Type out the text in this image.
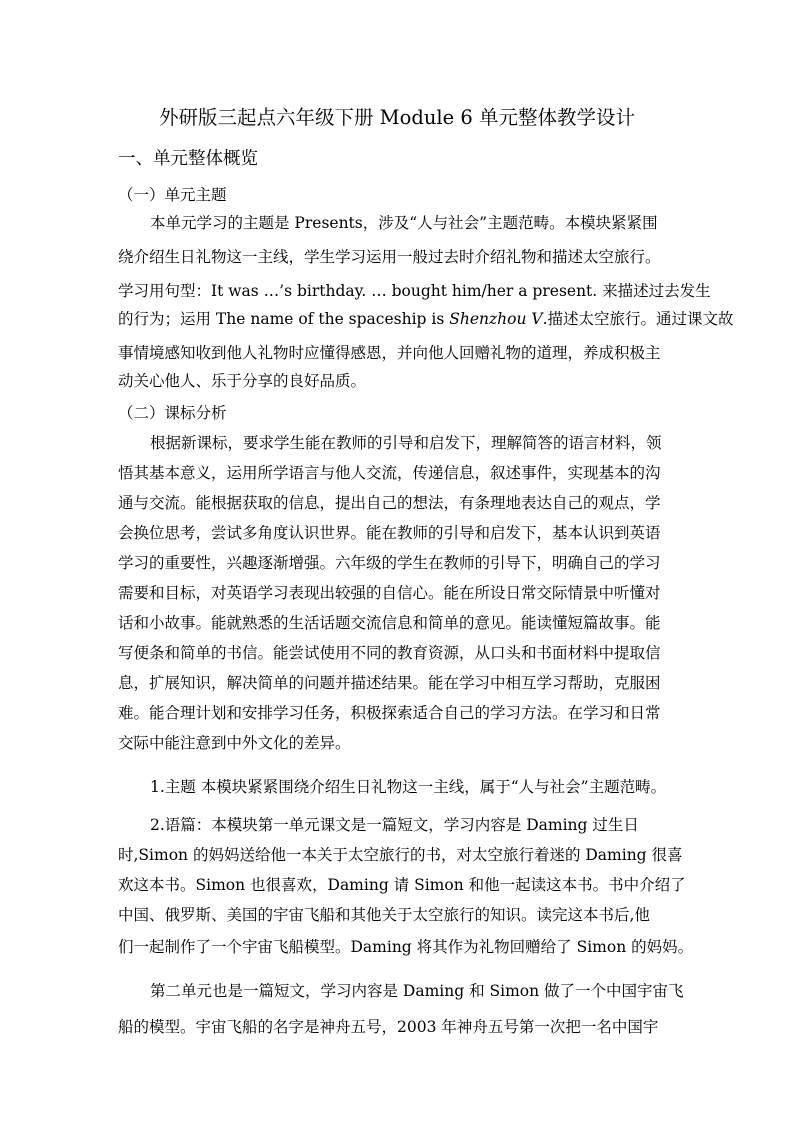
外研版三起点六年级下册 Module 6 单元整体教学设计
一、单元整体概览
（一）单元主题
本单元学习的主题是 Presents，涉及“人与社会”主题范畴。本模块紧紧围
绕介绍生日礼物这一主线，学生学习运用一般过去时介绍礼物和描述太空旅行。
学习用句型：It was …’s birthday. … bought him/her a present. 来描述过去发生
的行为；运用 The name of the spaceship is Shenzhou V.描述太空旅行。通过课文故
事情境感知收到他人礼物时应懂得感恩，并向他人回赠礼物的道理，养成积极主
动关心他人、乐于分享的良好品质。
（二）课标分析
根据新课标，要求学生能在教师的引导和启发下，理解简答的语言材料，领
悟其基本意义，运用所学语言与他人交流，传递信息，叙述事件，实现基本的沟
通与交流。能根据获取的信息，提出自己的想法，有条理地表达自己的观点，学
会换位思考，尝试多角度认识世界。能在教师的引导和启发下，基本认识到英语
学习的重要性，兴趣逐渐增强。六年级的学生在教师的引导下，明确自己的学习
需要和目标，对英语学习表现出较强的自信心。能在所设日常交际情景中听懂对
话和小故事。能就熟悉的生活话题交流信息和简单的意见。能读懂短篇故事。能
写便条和简单的书信。能尝试使用不同的教育资源，从口头和书面材料中提取信
息，扩展知识，解决简单的问题并描述结果。能在学习中相互学习帮助，克服困
难。能合理计划和安排学习任务，积极探索适合自己的学习方法。在学习和日常
交际中能注意到中外文化的差异。
1.主题 本模块紧紧围绕介绍生日礼物这一主线，属于“人与社会”主题范畴。
2.语篇：本模块第一单元课文是一篇短文，学习内容是 Daming 过生日
时,Simon 的妈妈送给他一本关于太空旅行的书，对太空旅行着迷的 Daming 很喜
欢这本书。Simon 也很喜欢，Daming 请 Simon 和他一起读这本书。书中介绍了
中国、俄罗斯、美国的宇宙飞船和其他关于太空旅行的知识。读完这本书后,他
们一起制作了一个宇宙飞船模型。Daming 将其作为礼物回赠给了 Simon 的妈妈。
第二单元也是一篇短文，学习内容是 Daming 和 Simon 做了一个中国宇宙飞
船的模型。宇宙飞船的名字是神舟五号，2003 年神舟五号第一次把一名中国宇
